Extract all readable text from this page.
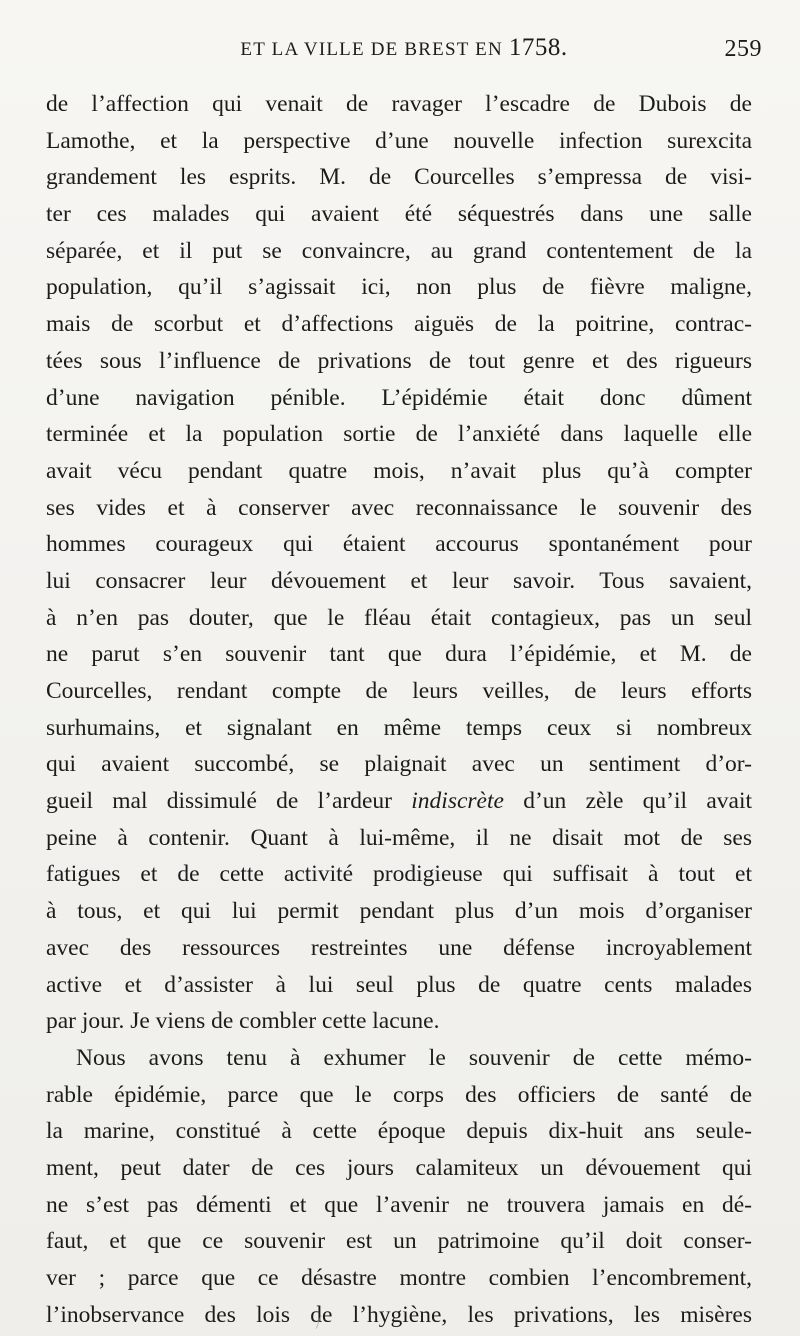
ET LA VILLE DE BREST EN 1758.	259
de l’affection qui venait de ravager l’escadre de Dubois de
Lamothe, et la perspective d’une nouvelle infection surexcita
grandement les esprits. M. de Courcelles s’empressa de visi-
ter ces malades qui avaient été séquestrés dans une salle
séparée, et il put se convaincre, au grand contentement de la
population, qu’il s’agissait ici, non plus de fièvre maligne,
mais de scorbut et d’affections aiguës de la poitrine, contrac-
tées sous l’influence de privations de tout genre et des rigueurs
d’une navigation pénible. L’épidémie était donc dûment
terminée et la population sortie de l’anxiété dans laquelle elle
avait vécu pendant quatre mois, n’avait plus qu’à compter
ses vides et à conserver avec reconnaissance le souvenir des
hommes courageux qui étaient accourus spontanément pour
lui consacrer leur dévouement et leur savoir. Tous savaient,
à n’en pas douter, que le fléau était contagieux, pas un seul
ne parut s’en souvenir tant que dura l’épidémie, et M. de
Courcelles, rendant compte de leurs veilles, de leurs efforts
surhumains, et signalant en même temps ceux si nombreux
qui avaient succombé, se plaignait avec un sentiment d’or-
gueil mal dissimulé de l’ardeur indiscrète d’un zèle qu’il avait
peine à contenir. Quant à lui-même, il ne disait mot de ses
fatigues et de cette activité prodigieuse qui suffisait à tout et
à tous, et qui lui permit pendant plus d’un mois d’organiser
avec des ressources restreintes une défense incroyablement
active et d’assister à lui seul plus de quatre cents malades
par jour. Je viens de combler cette lacune.
Nous avons tenu à exhumer le souvenir de cette mémo-
rable épidémie, parce que le corps des officiers de santé de
la marine, constitué à cette époque depuis dix-huit ans seule-
ment, peut dater de ces jours calamiteux un dévouement qui
ne s’est pas démenti et que l’avenir ne trouvera jamais en dé-
faut, et que ce souvenir est un patrimoine qu’il doit conser-
ver ; parce que ce désastre montre combien l’encombrement,
l’inobservance des lois de l’hygiène, les privations, les misères
